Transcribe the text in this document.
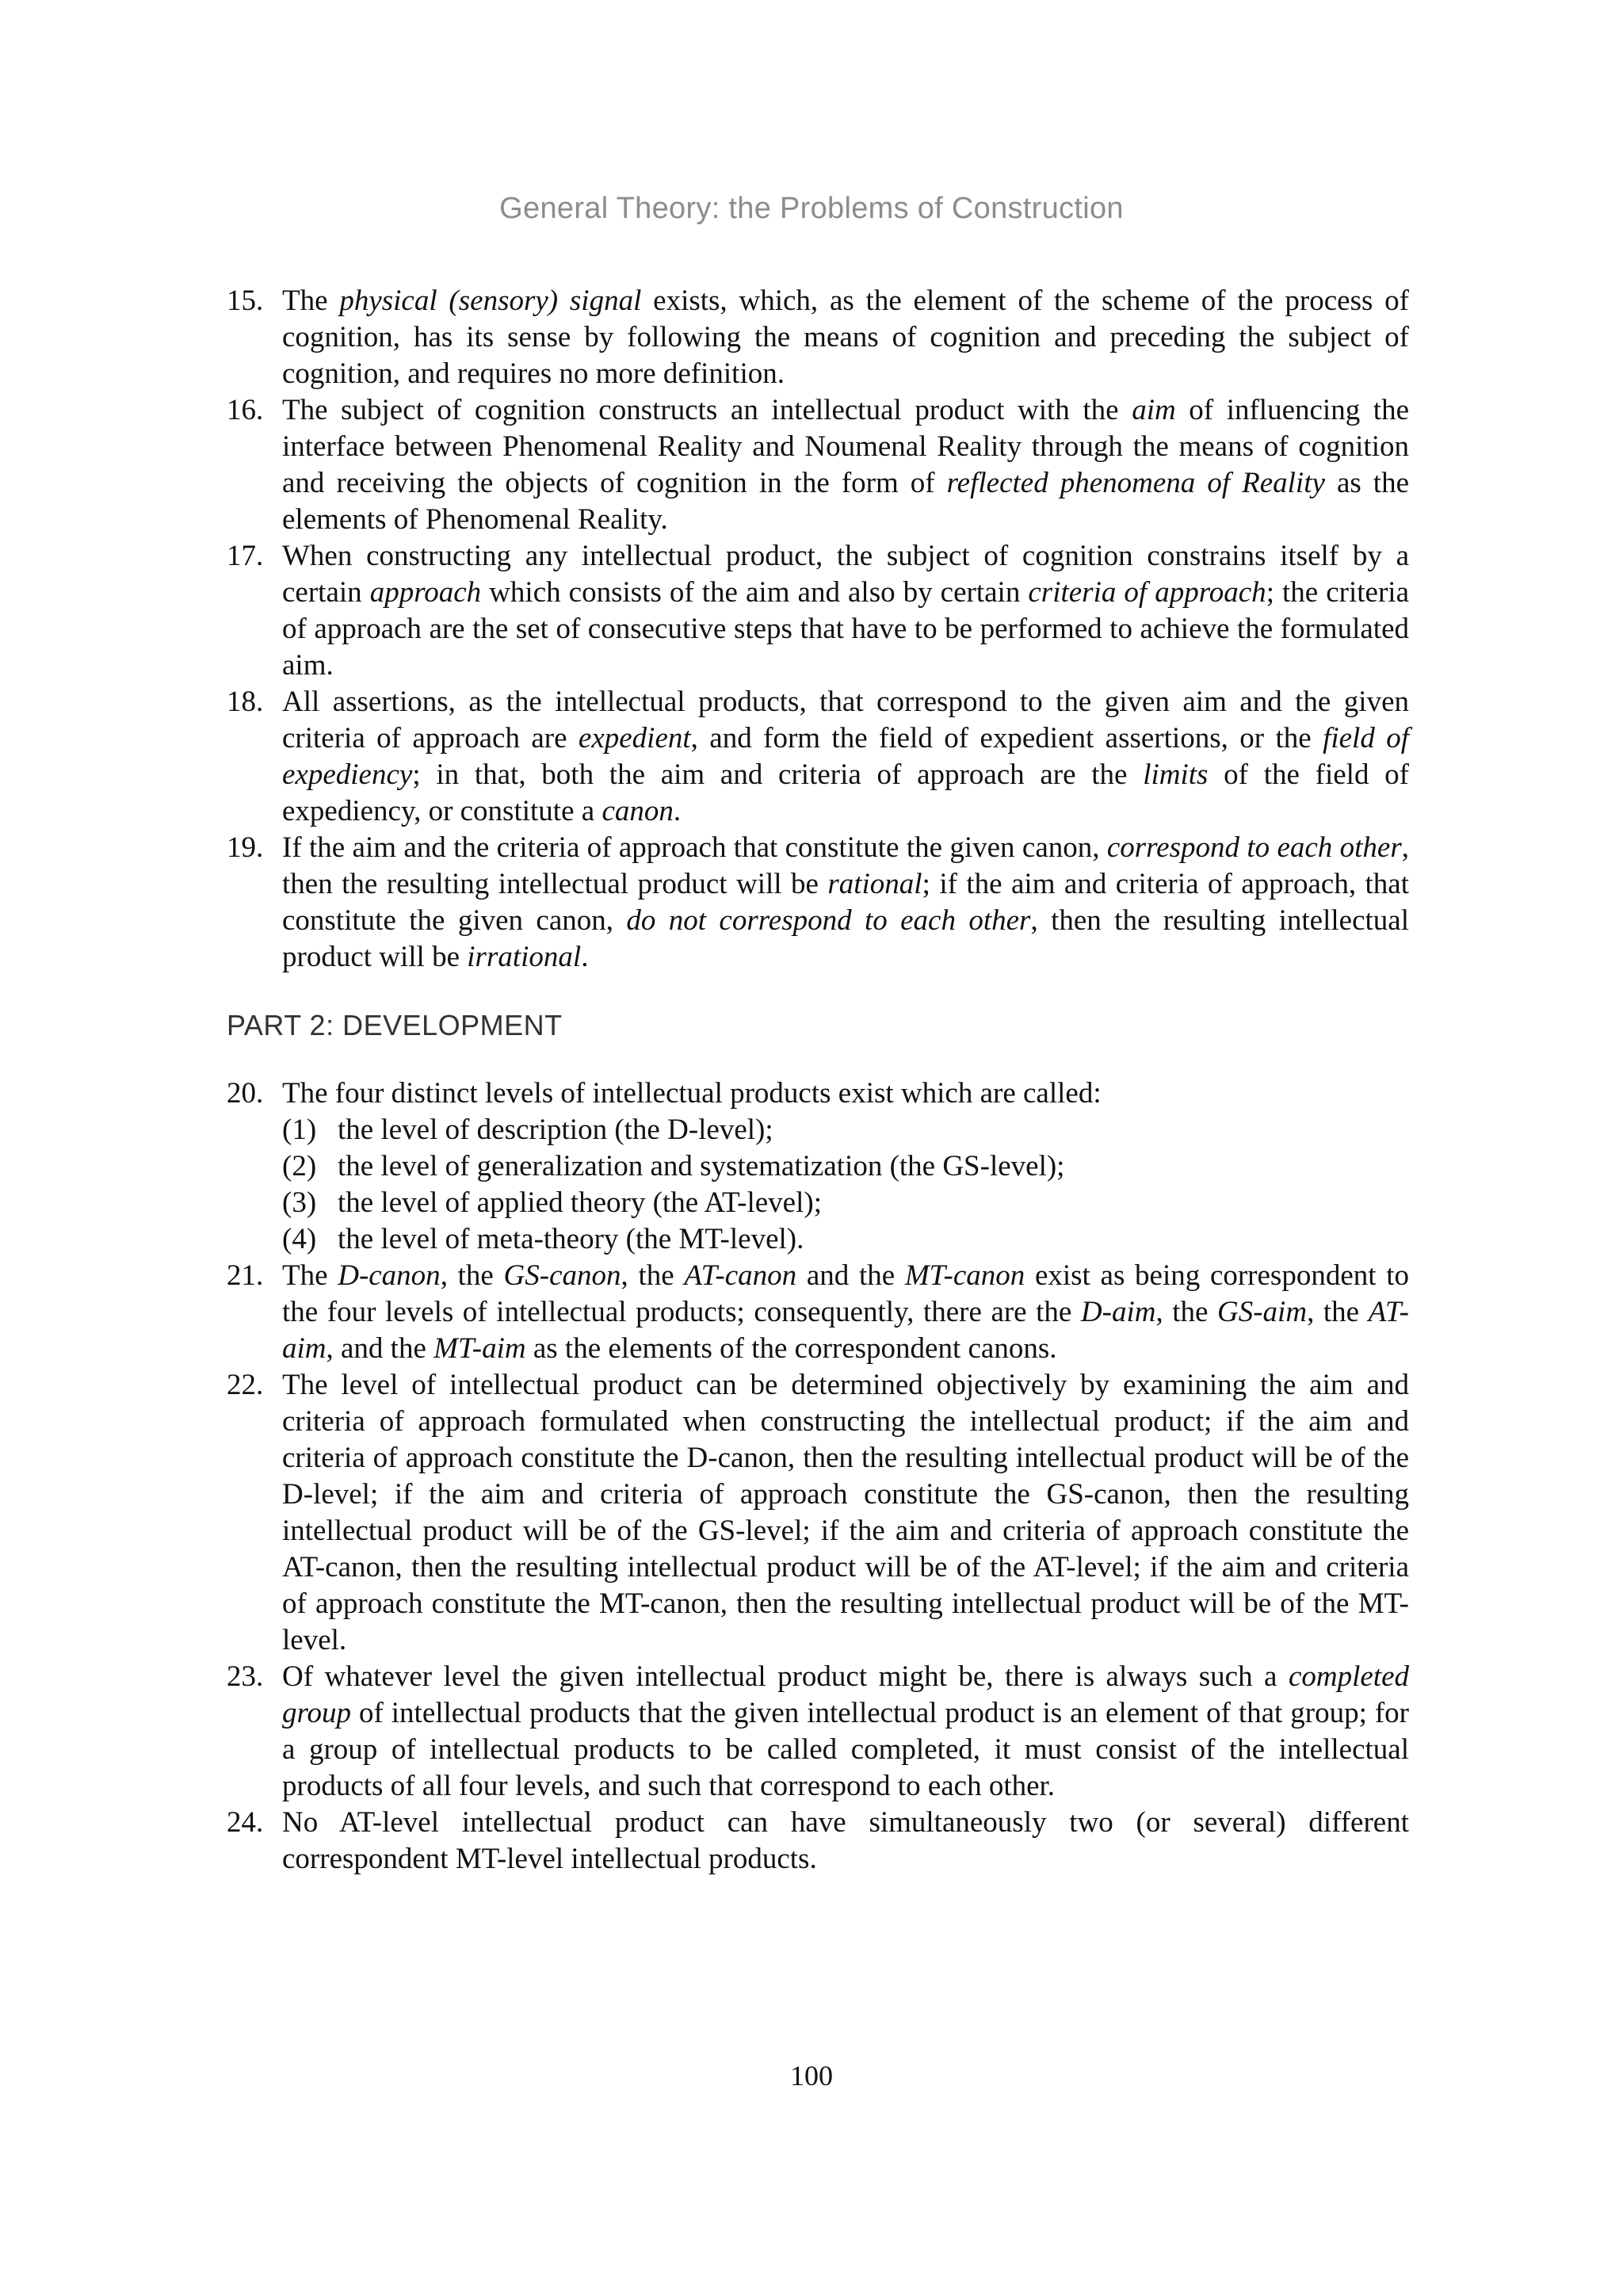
General Theory: the Problems of Construction
15. The physical (sensory) signal exists, which, as the element of the scheme of the process of cognition, has its sense by following the means of cognition and preceding the subject of cognition, and requires no more definition.
16. The subject of cognition constructs an intellectual product with the aim of influencing the interface between Phenomenal Reality and Noumenal Reality through the means of cognition and receiving the objects of cognition in the form of reflected phenomena of Reality as the elements of Phenomenal Reality.
17. When constructing any intellectual product, the subject of cognition constrains itself by a certain approach which consists of the aim and also by certain criteria of approach; the criteria of approach are the set of consecutive steps that have to be performed to achieve the formulated aim.
18. All assertions, as the intellectual products, that correspond to the given aim and the given criteria of approach are expedient, and form the field of expedient assertions, or the field of expediency; in that, both the aim and criteria of approach are the limits of the field of expediency, or constitute a canon.
19. If the aim and the criteria of approach that constitute the given canon, correspond to each other, then the resulting intellectual product will be rational; if the aim and criteria of approach, that constitute the given canon, do not correspond to each other, then the resulting intellectual product will be irrational.
PART 2: DEVELOPMENT
20. The four distinct levels of intellectual products exist which are called:
(1) the level of description (the D-level);
(2) the level of generalization and systematization (the GS-level);
(3) the level of applied theory (the AT-level);
(4) the level of meta-theory (the MT-level).
21. The D-canon, the GS-canon, the AT-canon and the MT-canon exist as being correspondent to the four levels of intellectual products; consequently, there are the D-aim, the GS-aim, the AT-aim, and the MT-aim as the elements of the correspondent canons.
22. The level of intellectual product can be determined objectively by examining the aim and criteria of approach formulated when constructing the intellectual product; if the aim and criteria of approach constitute the D-canon, then the resulting intellectual product will be of the D-level; if the aim and criteria of approach constitute the GS-canon, then the resulting intellectual product will be of the GS-level; if the aim and criteria of approach constitute the AT-canon, then the resulting intellectual product will be of the AT-level; if the aim and criteria of approach constitute the MT-canon, then the resulting intellectual product will be of the MT-level.
23. Of whatever level the given intellectual product might be, there is always such a completed group of intellectual products that the given intellectual product is an element of that group; for a group of intellectual products to be called completed, it must consist of the intellectual products of all four levels, and such that correspond to each other.
24. No AT-level intellectual product can have simultaneously two (or several) different correspondent MT-level intellectual products.
100
